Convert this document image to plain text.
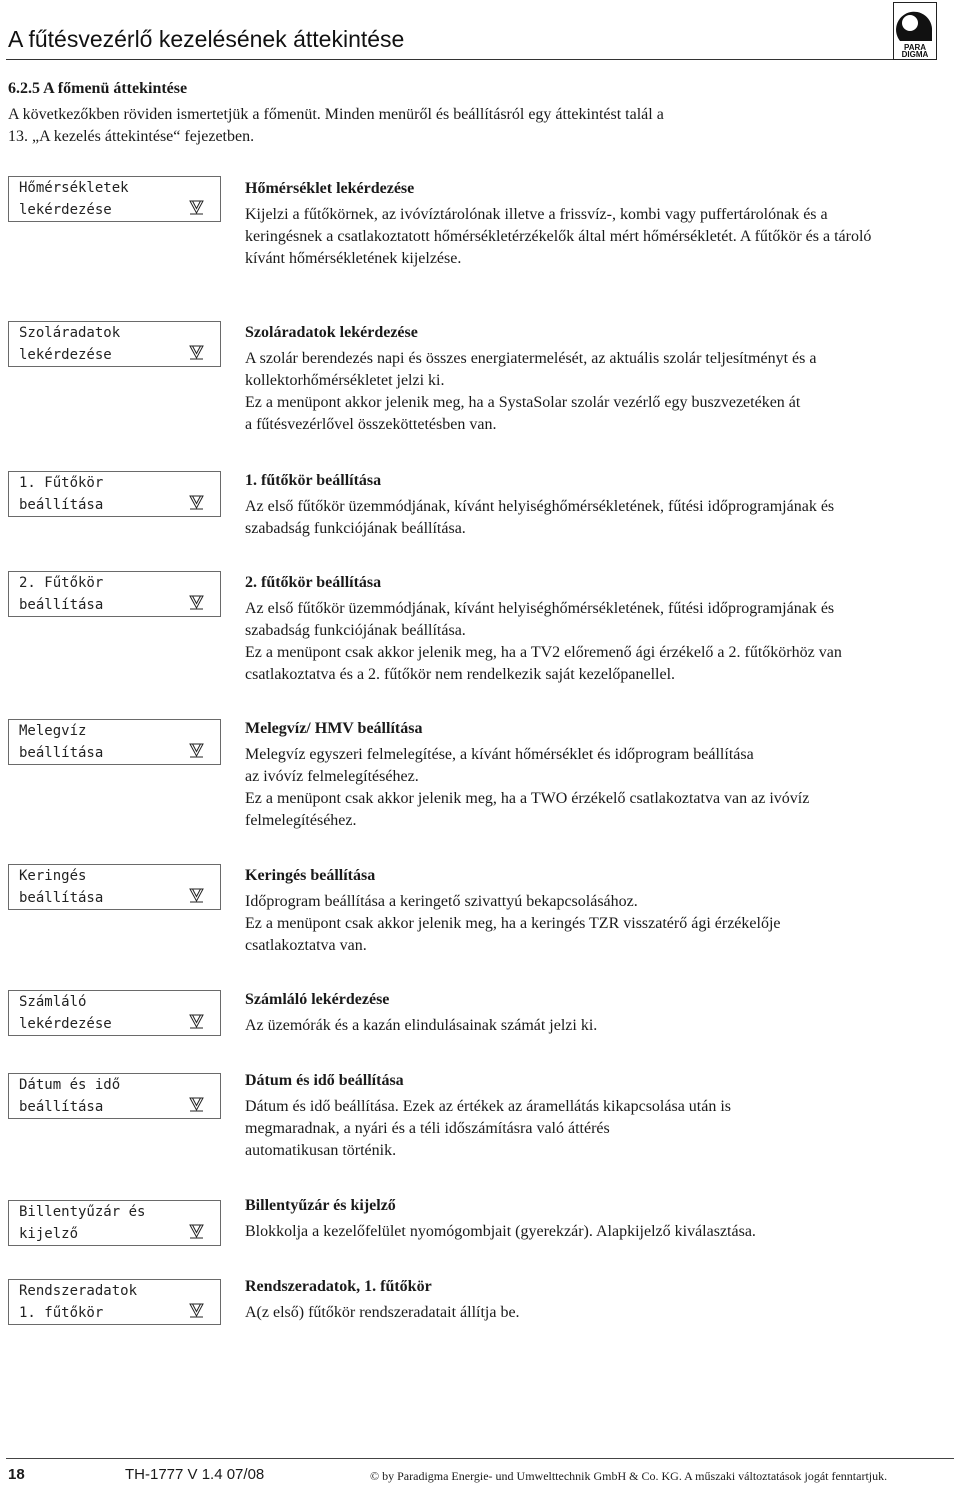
A fűtésvezérlő kezelésének áttekintése	PARA
DIGMA
6.2.5 A főmenü áttekintése

A következőkben röviden ismertetjük a főmenüt. Minden menüről és beállításról egy áttekintést talál a

13. „A kezelés áttekintése“ fejezetben.

Hőmérsékletek
lekérdezése

Hőmérséklet lekérdezése

Kijelzi a fűtőkörnek, az ivóvíztárolónak illetve a frissvíz-, kombi vagy puffertárolónak és a

keringésnek a csatlakoztatott hőmérsékletérzékelők által mért hőmérsékletét. A fűtőkör és a tároló

kívánt hőmérsékletének kijelzése.

Szoláradatok
lekérdezése

Szoláradatok lekérdezése

A szolár berendezés napi és összes energiatermelését, az aktuális szolár teljesítményt és a

kollektorhőmérsékletet jelzi ki.

Ez a menüpont akkor jelenik meg, ha a SystaSolar szolár vezérlő egy buszvezetéken át

a fűtésvezérlővel összeköttetésben van.

1. Fűtőkör
beállítása

1. fűtőkör beállítása

Az első fűtőkör üzemmódjának, kívánt helyiséghőmérsékletének, fűtési időprogramjának és

szabadság funkciójának beállítása.

2. Fűtőkör
beállítása

2. fűtőkör beállítása

Az első fűtőkör üzemmódjának, kívánt helyiséghőmérsékletének, fűtési időprogramjának és

szabadság funkciójának beállítása.

Ez a menüpont csak akkor jelenik meg, ha a TV2 előremenő ági érzékelő a 2. fűtőkörhöz van

csatlakoztatva és a 2. fűtőkör nem rendelkezik saját kezelőpanellel.

Melegvíz
beállítása

Melegvíz/ HMV beállítása

Melegvíz egyszeri felmelegítése, a kívánt hőmérséklet és időprogram beállítása

az ivóvíz felmelegítéséhez.

Ez a menüpont csak akkor jelenik meg, ha a TWO érzékelő csatlakoztatva van az ivóvíz

felmelegítéséhez.

Keringés
beállítása

Keringés beállítása

Időprogram beállítása a keringető szivattyú bekapcsolásához.

Ez a menüpont csak akkor jelenik meg, ha a keringés TZR visszatérő ági érzékelője

csatlakoztatva van.

Számláló
lekérdezése

Számláló lekérdezése

Az üzemórák és a kazán elindulásainak számát jelzi ki.

Dátum és idő
beállítása

Dátum és idő beállítása

Dátum és idő beállítása. Ezek az értékek az áramellátás kikapcsolása után is

megmaradnak, a nyári és a téli időszámításra való áttérés

automatikusan történik.

Billentyűzár és
kijelző

Billentyűzár és kijelző

Blokkolja a kezelőfelület nyomógombjait (gyerekzár). Alapkijelző kiválasztása.

Rendszeradatok
1. fűtőkör

Rendszeradatok, 1. fűtőkör

A(z első) fűtőkör rendszeradatait állítja be.

18	TH-1777 V 1.4 07/08	© by Paradigma Energie- und Umwelttechnik GmbH & Co. KG. A műszaki változtatások jogát fenntartjuk.
